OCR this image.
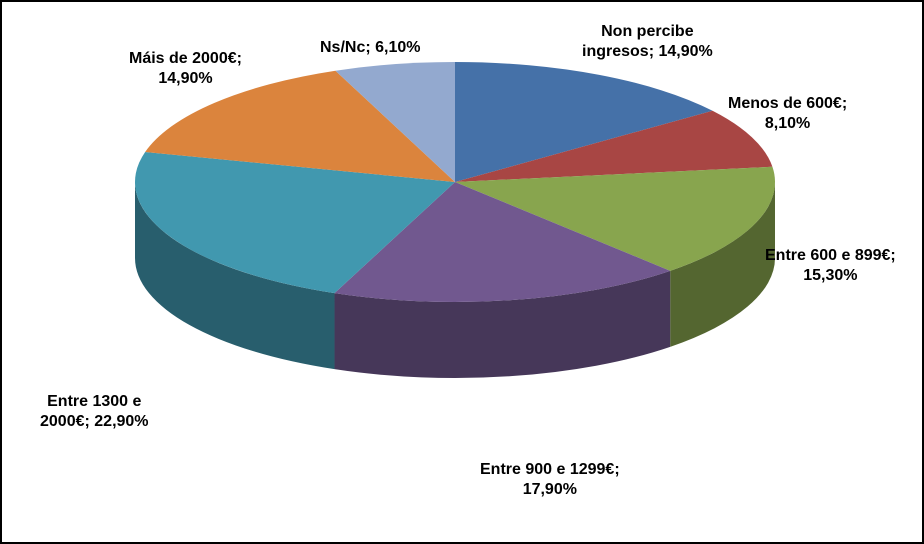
Non percibe
ingresos; 14,90%
Menos de 600€;
8,10%
Entre 600 e 899€;
15,30%
Entre 900 e 1299€;
17,90%
Entre 1300 e
2000€; 22,90%
Máis de 2000€;
14,90%
Ns/Nc; 6,10%
